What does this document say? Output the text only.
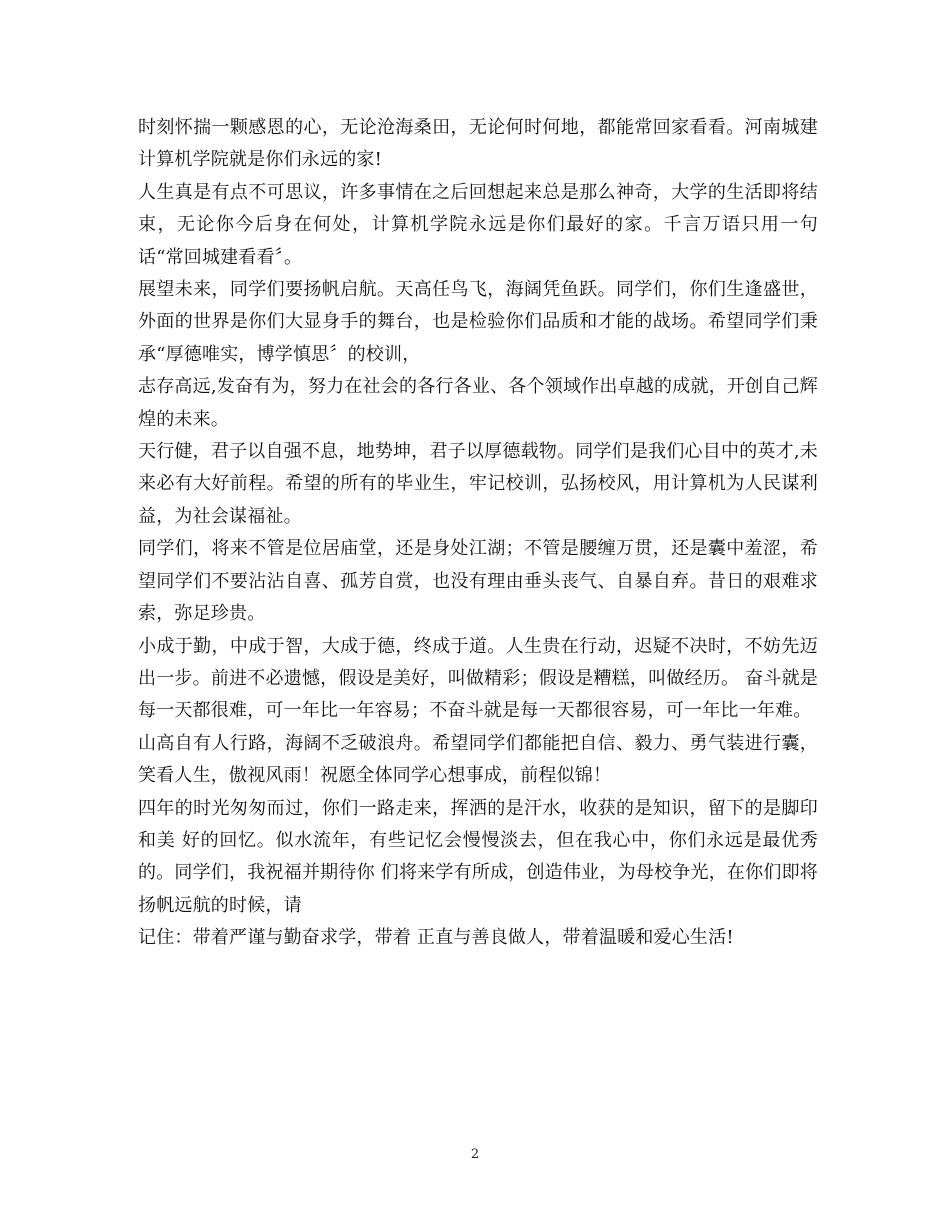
时刻怀揣一颗感恩的心，无论沧海桑田，无论何时何地，都能常回家看看。河南城建计算机学院就是你们永远的家!

人生真是有点不可思议，许多事情在之后回想起来总是那么神奇，大学的生活即将结束，无论你今后身在何处，计算机学院永远是你们最好的家。千言万语只用一句话“常回城建看看〞。

展望未来，同学们要扬帆启航。天高任鸟飞，海阔凭鱼跃。同学们，你们生逢盛世，外面的世界是你们大显身手的舞台，也是检验你们品质和才能的战场。希望同学们秉承“厚德唯实，博学慎思〞的校训，

志存高远,发奋有为，努力在社会的各行各业、各个领域作出卓越的成就，开创自己辉煌的未来。

天行健，君子以自强不息，地势坤，君子以厚德载物。同学们是我们心目中的英才,未来必有大好前程。希望的所有的毕业生，牢记校训，弘扬校风，用计算机为人民谋利益，为社会谋福祉。

同学们，将来不管是位居庙堂，还是身处江湖；不管是腰缠万贯，还是囊中羞涩，希望同学们不要沾沾自喜、孤芳自赏，也没有理由垂头丧气、自暴自弃。昔日的艰难求索，弥足珍贵。

小成于勤，中成于智，大成于德，终成于道。人生贵在行动，迟疑不决时，不妨先迈出一步。前进不必遗憾，假设是美好，叫做精彩；假设是糟糕，叫做经历。 奋斗就是每一天都很难，可一年比一年容易；不奋斗就是每一天都很容易，可一年比一年难。

山高自有人行路，海阔不乏破浪舟。希望同学们都能把自信、毅力、勇气装进行囊，笑看人生，傲视风雨！祝愿全体同学心想事成，前程似锦！

四年的时光匆匆而过，你们一路走来，挥洒的是汗水，收获的是知识，留下的是脚印和美 好的回忆。似水流年，有些记忆会慢慢淡去，但在我心中，你们永远是最优秀的。同学们，我祝福并期待你 们将来学有所成，创造伟业，为母校争光，在你们即将扬帆远航的时候，请

记住：带着严谨与勤奋求学，带着 正直与善良做人，带着温暖和爱心生活!

2
